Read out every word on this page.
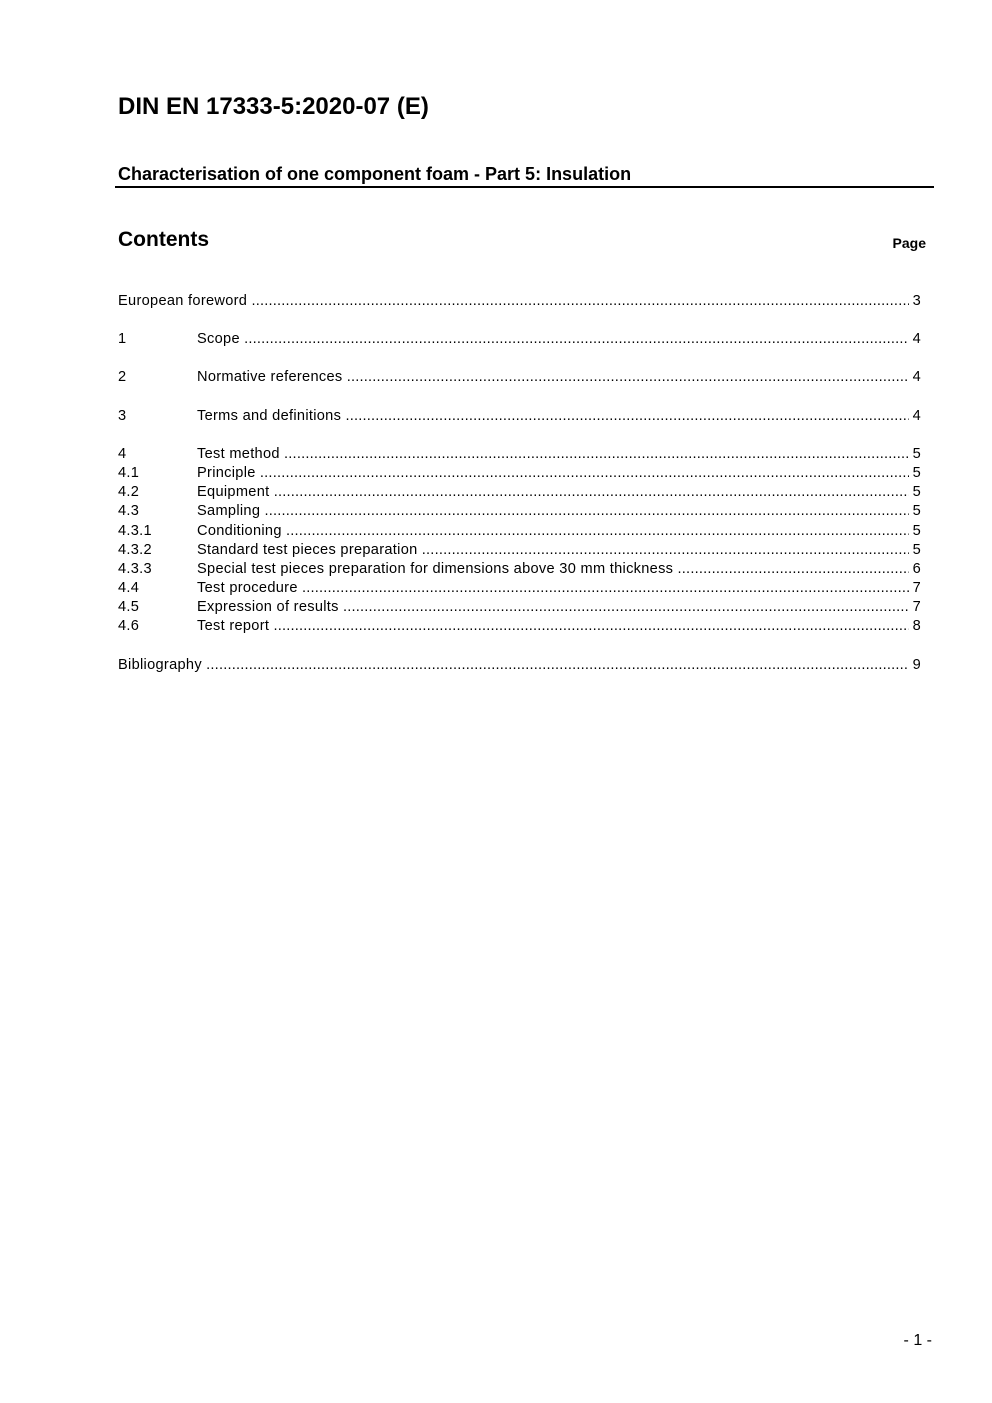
DIN EN 17333-5:2020-07 (E)
Characterisation of one component foam - Part 5: Insulation
Contents	Page
European foreword .....	3
1	Scope .....	4
2	Normative references .....	4
3	Terms and definitions .....	4
4	Test method .....	5
4.1	Principle .....	5
4.2	Equipment .....	5
4.3	Sampling .....	5
4.3.1	Conditioning .....	5
4.3.2	Standard test pieces preparation .....	5
4.3.3	Special test pieces preparation for dimensions above 30 mm thickness .....	6
4.4	Test procedure .....	7
4.5	Expression of results .....	7
4.6	Test report .....	8
Bibliography .....	9
- 1 -
